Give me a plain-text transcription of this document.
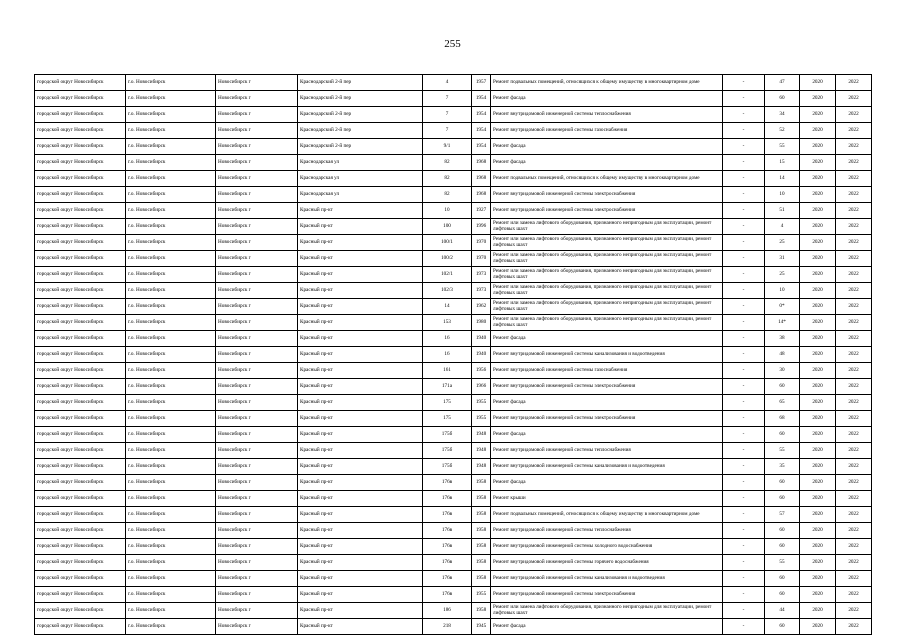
255
городской округ Новосибирск	г.о. Новосибирск	Новосибирск г	Краснодарский 2-й пер	4	1957	Ремонт подвальных помещений, относящихся к общему имуществу в многоквартирном доме	-	47	2020	2022
городской округ Новосибирск	г.о. Новосибирск	Новосибирск г	Краснодарский 2-й пер	7	1954	Ремонт фасада	-	60	2020	2022
городской округ Новосибирск	г.о. Новосибирск	Новосибирск г	Краснодарский 2-й пер	7	1954	Ремонт внутридомовой инженерной системы теплоснабжения	-	34	2020	2022
городской округ Новосибирск	г.о. Новосибирск	Новосибирск г	Краснодарский 2-й пер	7	1954	Ремонт внутридомовой инженерной системы газоснабжения	-	52	2020	2022
городской округ Новосибирск	г.о. Новосибирск	Новосибирск г	Краснодарский 2-й пер	9/1	1954	Ремонт фасада	-	55	2020	2022
городской округ Новосибирск	г.о. Новосибирск	Новосибирск г	Краснодарская ул	82	1968	Ремонт фасада	-	15	2020	2022
городской округ Новосибирск	г.о. Новосибирск	Новосибирск г	Краснодарская ул	82	1968	Ремонт подвальных помещений, относящихся к общему имуществу в многоквартирном доме	-	14	2020	2022
городской округ Новосибирск	г.о. Новосибирск	Новосибирск г	Краснодарская ул	82	1968	Ремонт внутридомовой инженерной системы электроснабжения	-	10	2020	2022
городской округ Новосибирск	г.о. Новосибирск	Новосибирск г	Красный пр-кт	10	1927	Ремонт внутридомовой инженерной системы электроснабжения	-	51	2020	2022
городской округ Новосибирск	г.о. Новосибирск	Новосибирск г	Красный пр-кт	100	1996	Ремонт или замена лифтового оборудования, признанного непригодным для эксплуатации, ремонт лифтовых шахт	-	4	2020	2022
городской округ Новосибирск	г.о. Новосибирск	Новосибирск г	Красный пр-кт	100/1	1970	Ремонт или замена лифтового оборудования, признанного непригодным для эксплуатации, ремонт лифтовых шахт	-	25	2020	2022
городской округ Новосибирск	г.о. Новосибирск	Новосибирск г	Красный пр-кт	100/2	1970	Ремонт или замена лифтового оборудования, признанного непригодным для эксплуатации, ремонт лифтовых шахт	-	31	2020	2022
городской округ Новосибирск	г.о. Новосибирск	Новосибирск г	Красный пр-кт	102/1	1973	Ремонт или замена лифтового оборудования, признанного непригодным для эксплуатации, ремонт лифтовых шахт	-	25	2020	2022
городской округ Новосибирск	г.о. Новосибирск	Новосибирск г	Красный пр-кт	102/3	1973	Ремонт или замена лифтового оборудования, признанного непригодным для эксплуатации, ремонт лифтовых шахт	-	10	2020	2022
городской округ Новосибирск	г.о. Новосибирск	Новосибирск г	Красный пр-кт	14	1962	Ремонт или замена лифтового оборудования, признанного непригодным для эксплуатации, ремонт лифтовых шахт	-	0*	2020	2022
городской округ Новосибирск	г.о. Новосибирск	Новосибирск г	Красный пр-кт	153	1980	Ремонт или замена лифтового оборудования, признанного непригодным для эксплуатации, ремонт лифтовых шахт	-	14*	2020	2022
городской округ Новосибирск	г.о. Новосибирск	Новосибирск г	Красный пр-кт	16	1940	Ремонт фасада	-	38	2020	2022
городской округ Новосибирск	г.о. Новосибирск	Новосибирск г	Красный пр-кт	16	1940	Ремонт внутридомовой инженерной системы канализования и водоотведения	-	48	2020	2022
городской округ Новосибирск	г.о. Новосибирск	Новосибирск г	Красный пр-кт	161	1956	Ремонт внутридомовой инженерной системы газоснабжения	-	30	2020	2022
городской округ Новосибирск	г.о. Новосибирск	Новосибирск г	Красный пр-кт	171а	1966	Ремонт внутридомовой инженерной системы электроснабжения	-	60	2020	2022
городской округ Новосибирск	г.о. Новосибирск	Новосибирск г	Красный пр-кт	175	1955	Ремонт фасада	-	65	2020	2022
городской округ Новосибирск	г.о. Новосибирск	Новосибирск г	Красный пр-кт	175	1955	Ремонт внутридомовой инженерной системы электроснабжения	-	68	2020	2022
городской округ Новосибирск	г.о. Новосибирск	Новосибирск г	Красный пр-кт	175б	1948	Ремонт фасада	-	60	2020	2022
городской округ Новосибирск	г.о. Новосибирск	Новосибирск г	Красный пр-кт	175б	1948	Ремонт внутридомовой инженерной системы теплоснабжения	-	55	2020	2022
городской округ Новосибирск	г.о. Новосибирск	Новосибирск г	Красный пр-кт	175б	1948	Ремонт внутридомовой инженерной системы канализования и водоотведения	-	35	2020	2022
городской округ Новосибирск	г.о. Новосибирск	Новосибирск г	Красный пр-кт	176в	1958	Ремонт фасада	-	60	2020	2022
городской округ Новосибирск	г.о. Новосибирск	Новосибирск г	Красный пр-кт	176в	1958	Ремонт крыши	-	60	2020	2022
городской округ Новосибирск	г.о. Новосибирск	Новосибирск г	Красный пр-кт	176в	1958	Ремонт подвальных помещений, относящихся к общему имуществу в многоквартирном доме	-	57	2020	2022
городской округ Новосибирск	г.о. Новосибирск	Новосибирск г	Красный пр-кт	176в	1958	Ремонт внутридомовой инженерной системы теплоснабжения	-	60	2020	2022
городской округ Новосибирск	г.о. Новосибирск	Новосибирск г	Красный пр-кт	176в	1958	Ремонт внутридомовой инженерной системы холодного водоснабжения	-	60	2020	2022
городской округ Новосибирск	г.о. Новосибирск	Новосибирск г	Красный пр-кт	176в	1958	Ремонт внутридомовой инженерной системы горячего водоснабжения	-	55	2020	2022
городской округ Новосибирск	г.о. Новосибирск	Новосибирск г	Красный пр-кт	176в	1958	Ремонт внутридомовой инженерной системы канализования и водоотведения	-	60	2020	2022
городской округ Новосибирск	г.о. Новосибирск	Новосибирск г	Красный пр-кт	176в	1955	Ремонт внутридомовой инженерной системы электроснабжения	-	60	2020	2022
городской округ Новосибирск	г.о. Новосибирск	Новосибирск г	Красный пр-кт	186	1958	Ремонт или замена лифтового оборудования, признанного непригодным для эксплуатации, ремонт лифтовых шахт	-	44	2020	2022
городской округ Новосибирск	г.о. Новосибирск	Новосибирск г	Красный пр-кт	218	1945	Ремонт фасада	-	60	2020	2022
